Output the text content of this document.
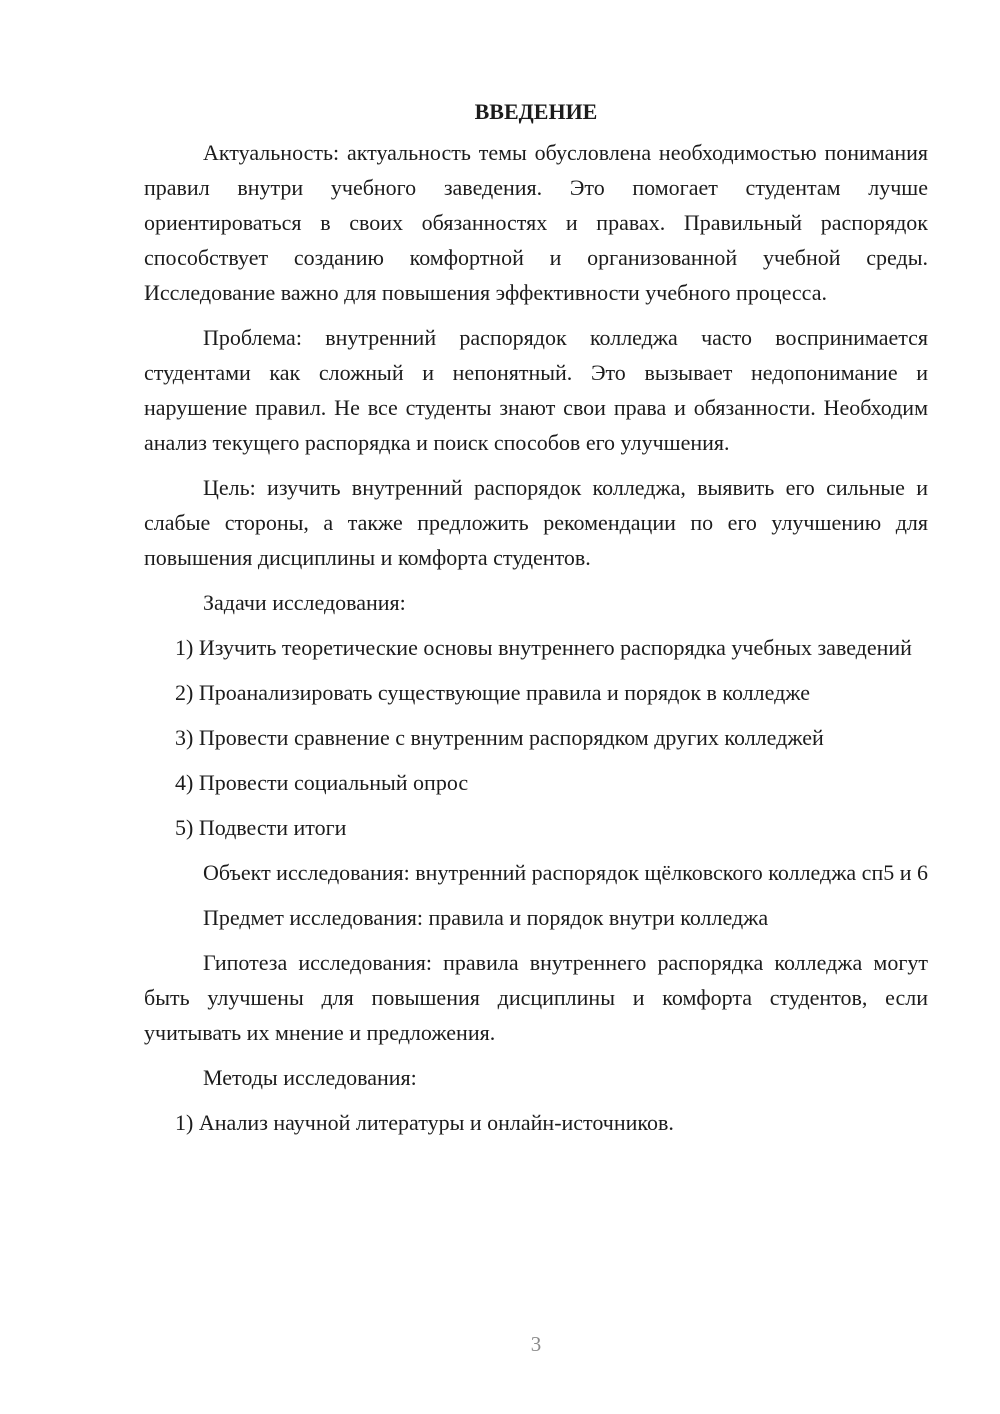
ВВЕДЕНИЕ

Актуальность: актуальность темы обусловлена необходимостью понимания правил внутри учебного заведения. Это помогает студентам лучше ориентироваться в своих обязанностях и правах. Правильный распорядок способствует созданию комфортной и организованной учебной среды. Исследование важно для повышения эффективности учебного процесса.

Проблема: внутренний распорядок колледжа часто воспринимается студентами как сложный и непонятный. Это вызывает недопонимание и нарушение правил. Не все студенты знают свои права и обязанности. Необходим анализ текущего распорядка и поиск способов его улучшения.

Цель: изучить внутренний распорядок колледжа, выявить его сильные и слабые стороны, а также предложить рекомендации по его улучшению для повышения дисциплины и комфорта студентов.

Задачи исследования:

1) Изучить теоретические основы внутреннего распорядка учебных заведений

2) Проанализировать существующие правила и порядок в колледже

3) Провести сравнение с внутренним распорядком других колледжей

4) Провести социальный опрос

5) Подвести итоги

Объект исследования: внутренний распорядок щёлковского колледжа сп5 и 6

Предмет исследования: правила и порядок внутри колледжа

Гипотеза исследования: правила внутреннего распорядка колледжа могут быть улучшены для повышения дисциплины и комфорта студентов, если учитывать их мнение и предложения.

Методы исследования:

1) Анализ научной литературы и онлайн-источников.

3
